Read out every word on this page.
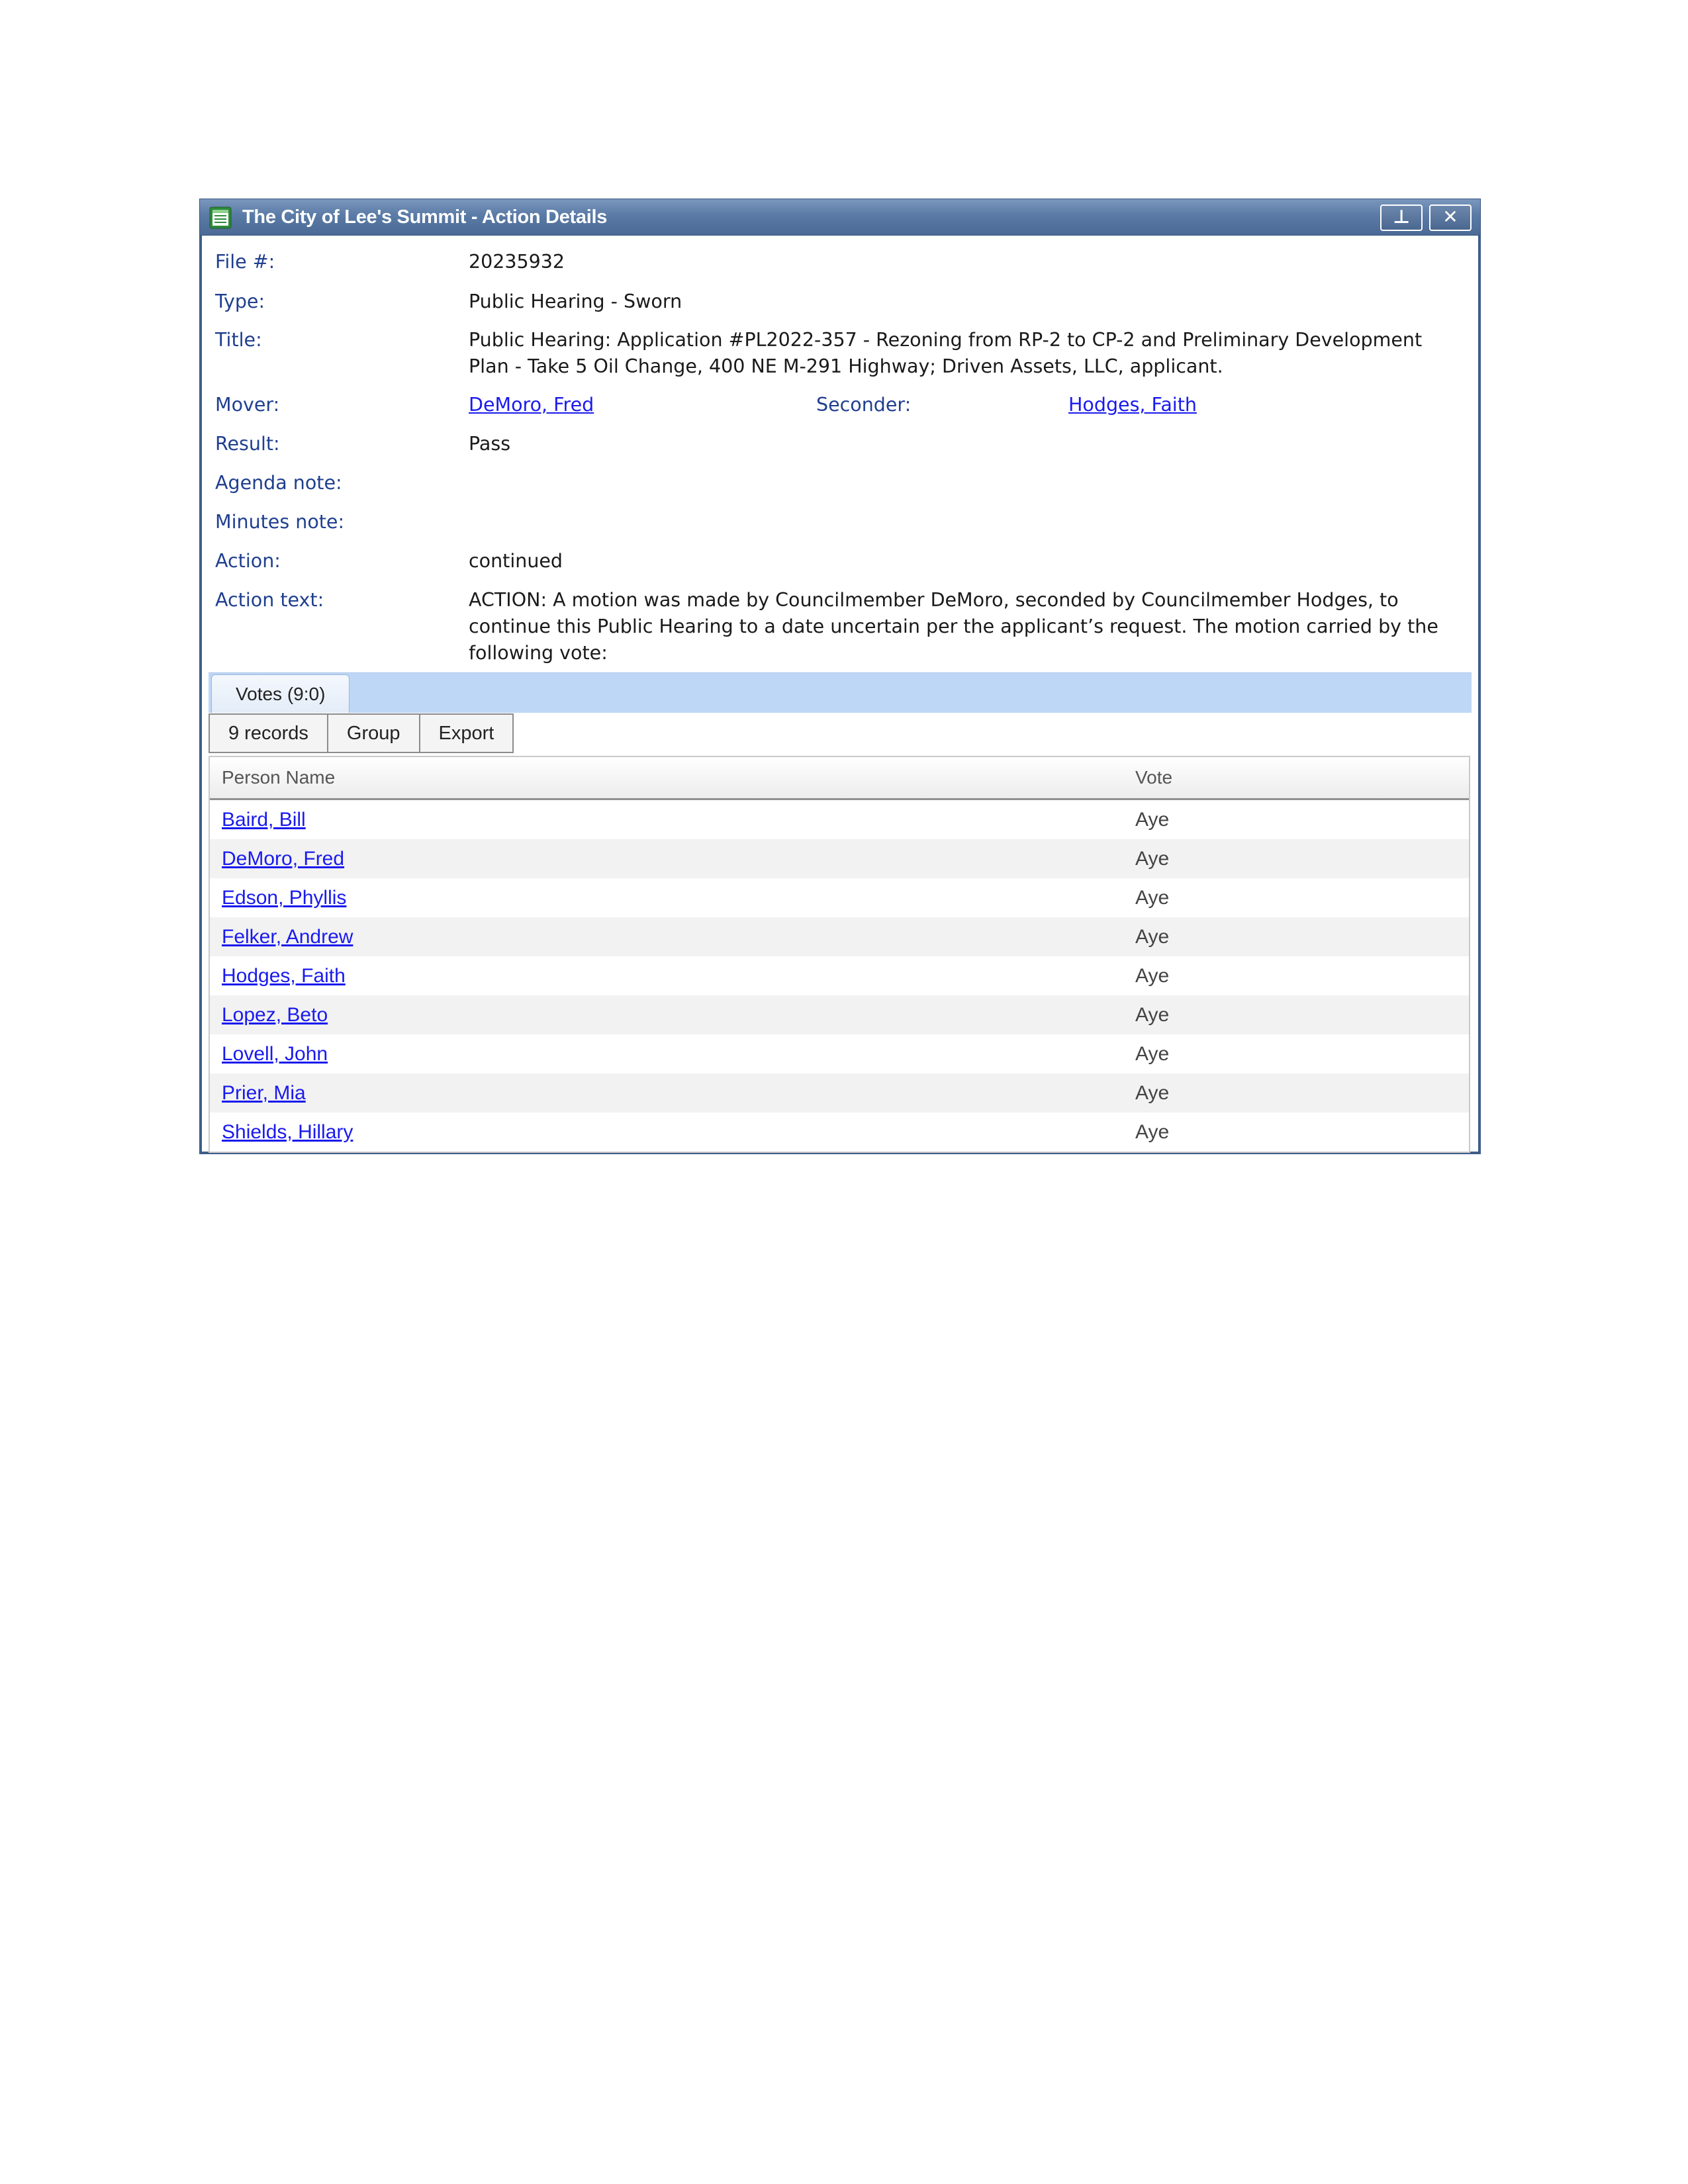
The City of Lee's Summit - Action Details	⊥	✕
File #:	20235932
Type:	Public Hearing - Sworn
Title:	Public Hearing: Application #PL2022-357 - Rezoning from RP-2 to CP-2 and Preliminary Development Plan - Take 5 Oil Change, 400 NE M-291 Highway; Driven Assets, LLC, applicant.
Mover:	DeMoro, Fred	Seconder:	Hodges, Faith
Result:	Pass
Agenda note:
Minutes note:
Action:	continued
Action text:	ACTION: A motion was made by Councilmember DeMoro, seconded by Councilmember Hodges, to continue this Public Hearing to a date uncertain per the applicant’s request. The motion carried by the following vote:
Votes (9:0)
9 records	Group	Export
Person Name	Vote
Baird, Bill	Aye
DeMoro, Fred	Aye
Edson, Phyllis	Aye
Felker, Andrew	Aye
Hodges, Faith	Aye
Lopez, Beto	Aye
Lovell, John	Aye
Prier, Mia	Aye
Shields, Hillary	Aye
